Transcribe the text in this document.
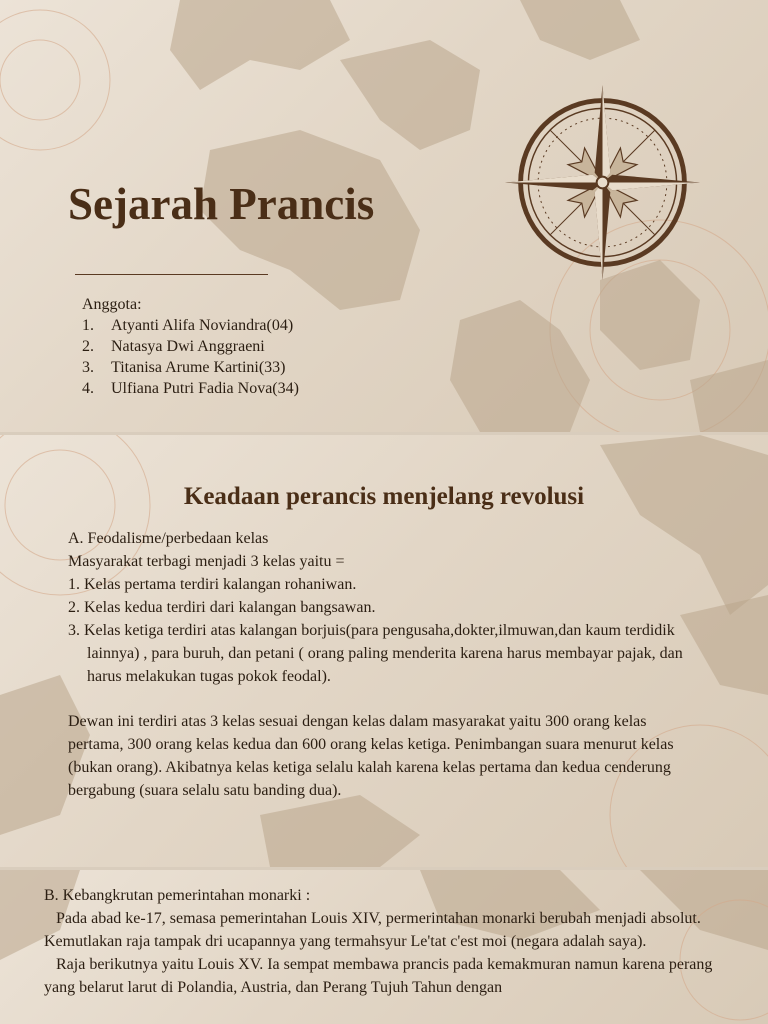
Sejarah Prancis
Anggota:
1.	Atyanti Alifa Noviandra(04)
2.	Natasya Dwi Anggraeni
3.	Titanisa Arume Kartini(33)
4.	Ulfiana Putri Fadia Nova(34)
Keadaan perancis menjelang revolusi

A. Feodalisme/perbedaan kelas

Masyarakat terbagi menjadi 3 kelas yaitu =

1. Kelas pertama terdiri kalangan rohaniwan.
2. Kelas kedua terdiri dari kalangan bangsawan.
3. Kelas ketiga terdiri atas kalangan borjuis(para pengusaha,dokter,ilmuwan,dan kaum terdidik lainnya) , para buruh, dan petani ( orang paling menderita karena harus membayar pajak, dan harus melakukan tugas pokok feodal).

Dewan ini terdiri atas 3 kelas sesuai dengan kelas dalam masyarakat yaitu 300 orang kelas pertama, 300 orang kelas kedua dan 600 orang kelas ketiga. Penimbangan suara menurut kelas (bukan orang). Akibatnya kelas ketiga selalu kalah karena kelas pertama dan kedua cenderung bergabung (suara selalu satu banding dua).

B. Kebangkrutan pemerintahan monarki :

Pada abad ke-17, semasa pemerintahan Louis XIV, permerintahan monarki berubah menjadi absolut. Kemutlakan raja tampak dri ucapannya yang termahsyur Le'tat c'est moi (negara adalah saya).

Raja berikutnya yaitu Louis XV. Ia sempat membawa prancis pada kemakmuran namun karena perang yang belarut larut di Polandia, Austria, dan Perang Tujuh Tahun dengan
